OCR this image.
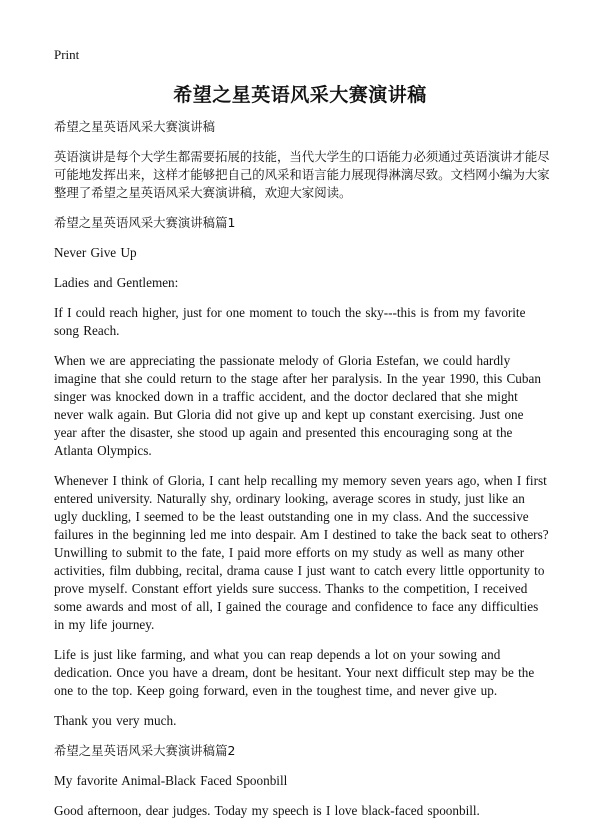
Print
希望之星英语风采大赛演讲稿

希望之星英语风采大赛演讲稿

英语演讲是每个大学生都需要拓展的技能，当代大学生的口语能力必须通过英语演讲才能尽可能地发挥出来，这样才能够把自己的风采和语言能力展现得淋漓尽致。文档网小编为大家整理了希望之星英语风采大赛演讲稿，欢迎大家阅读。

希望之星英语风采大赛演讲稿篇1

Never Give Up

Ladies and Gentlemen:

If I could reach higher, just for one moment to touch the sky---this is from my favorite song Reach.

When we are appreciating the passionate melody of Gloria Estefan, we could hardly imagine that she could return to the stage after her paralysis. In the year 1990, this Cuban singer was knocked down in a traffic accident, and the doctor declared that she might never walk again. But Gloria did not give up and kept up constant exercising. Just one year after the disaster, she stood up again and presented this encouraging song at the Atlanta Olympics.

Whenever I think of Gloria, I cant help recalling my memory seven years ago, when I first entered university. Naturally shy, ordinary looking, average scores in study, just like an ugly duckling, I seemed to be the least outstanding one in my class. And the successive failures in the beginning led me into despair. Am I destined to take the back seat to others? Unwilling to submit to the fate, I paid more efforts on my study as well as many other activities, film dubbing, recital, drama cause I just want to catch every little opportunity to prove myself. Constant effort yields sure success. Thanks to the competition, I received some awards and most of all, I gained the courage and confidence to face any difficulties in my life journey.

Life is just like farming, and what you can reap depends a lot on your sowing and dedication. Once you have a dream, dont be hesitant. Your next difficult step may be the one to the top. Keep going forward, even in the toughest time, and never give up.

Thank you very much.

希望之星英语风采大赛演讲稿篇2

My favorite Animal-Black Faced Spoonbill

Good afternoon, dear judges. Today my speech is I love black-faced spoonbill.
